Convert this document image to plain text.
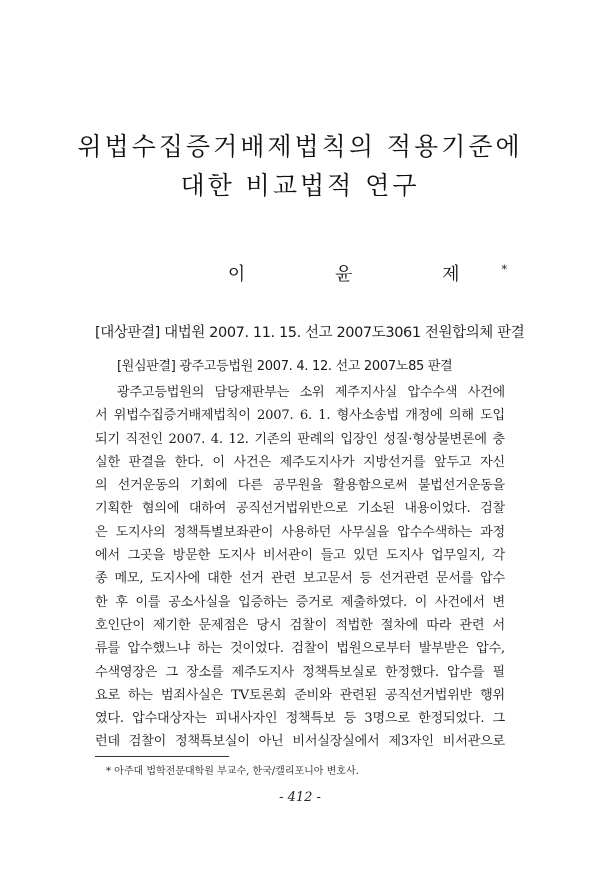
위법수집증거배제법칙의 적용기준에
대한 비교법적 연구
이 윤 제*
[대상판결] 대법원 2007. 11. 15. 선고 2007도3061 전원합의체 판결
[원심판결] 광주고등법원 2007. 4. 12. 선고 2007노85 판결
광주고등법원의 담당재판부는 소위 제주지사실 압수수색 사건에
서 위법수집증거배제법칙이 2007. 6. 1. 형사소송법 개정에 의해 도입
되기 직전인 2007. 4. 12. 기존의 판례의 입장인 성질·형상불변론에 충
실한 판결을 한다. 이 사건은 제주도지사가 지방선거를 앞두고 자신
의 선거운동의 기회에 다른 공무원을 활용함으로써 불법선거운동을
기획한 혐의에 대하여 공직선거법위반으로 기소된 내용이었다. 검찰
은 도지사의 정책특별보좌관이 사용하던 사무실을 압수수색하는 과정
에서 그곳을 방문한 도지사 비서관이 들고 있던 도지사 업무일지, 각
종 메모, 도지사에 대한 선거 관련 보고문서 등 선거관련 문서를 압수
한 후 이를 공소사실을 입증하는 증거로 제출하였다. 이 사건에서 변
호인단이 제기한 문제점은 당시 검찰이 적법한 절차에 따라 관련 서
류를 압수했느냐 하는 것이었다. 검찰이 법원으로부터 발부받은 압수,
수색영장은 그 장소를 제주도지사 정책특보실로 한정했다. 압수를 필
요로 하는 범죄사실은 TV토론회 준비와 관련된 공직선거법위반 행위
였다. 압수대상자는 피내사자인 정책특보 등 3명으로 한정되었다. 그
런데 검찰이 정책특보실이 아닌 비서실장실에서 제3자인 비서관으로
* 아주대 법학전문대학원 부교수, 한국/캘리포니아 변호사.
- 412 -
